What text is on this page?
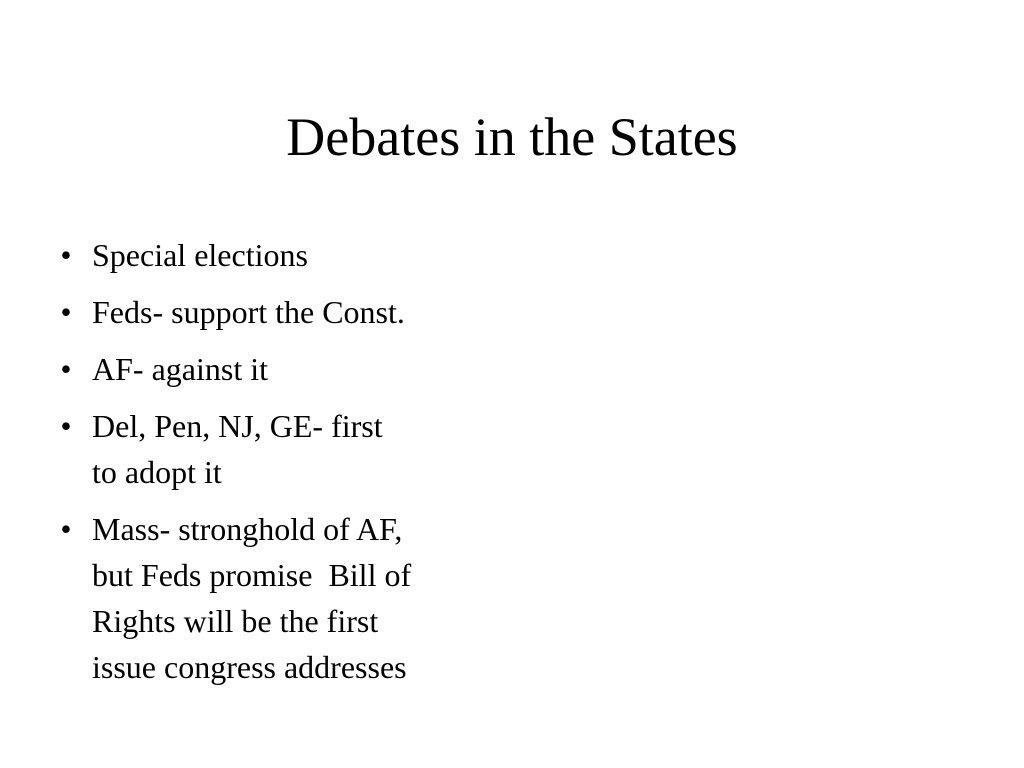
Debates in the States
• Special elections
• Feds- support the Const.
• AF- against it
• Del, Pen, NJ, GE- first
to adopt it
• Mass- stronghold of AF,
but Feds promise  Bill of
Rights will be the first
issue congress addresses
